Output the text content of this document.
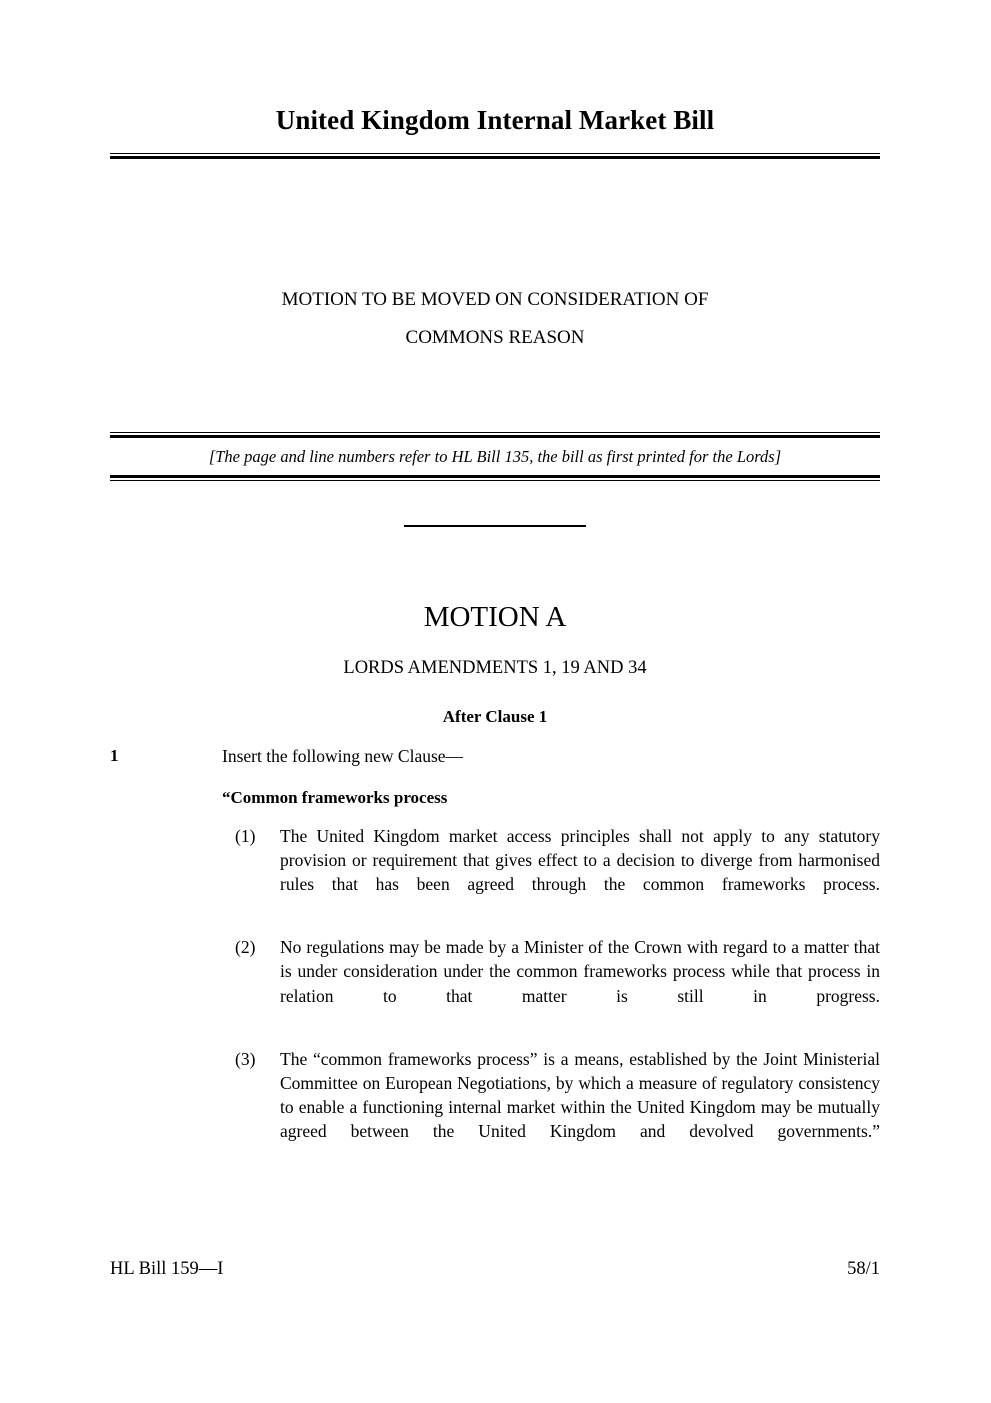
United Kingdom Internal Market Bill
MOTION TO BE MOVED ON CONSIDERATION OF
COMMONS REASON
[The page and line numbers refer to HL Bill 135, the bill as first printed for the Lords]
MOTION A
LORDS AMENDMENTS 1, 19 AND 34
After Clause 1
1	Insert the following new Clause—
“Common frameworks process
(1) The United Kingdom market access principles shall not apply to any statutory provision or requirement that gives effect to a decision to diverge from harmonised rules that has been agreed through the common frameworks process.
(2) No regulations may be made by a Minister of the Crown with regard to a matter that is under consideration under the common frameworks process while that process in relation to that matter is still in progress.
(3) The “common frameworks process” is a means, established by the Joint Ministerial Committee on European Negotiations, by which a measure of regulatory consistency to enable a functioning internal market within the United Kingdom may be mutually agreed between the United Kingdom and devolved governments.”
HL Bill 159—I	58/1
